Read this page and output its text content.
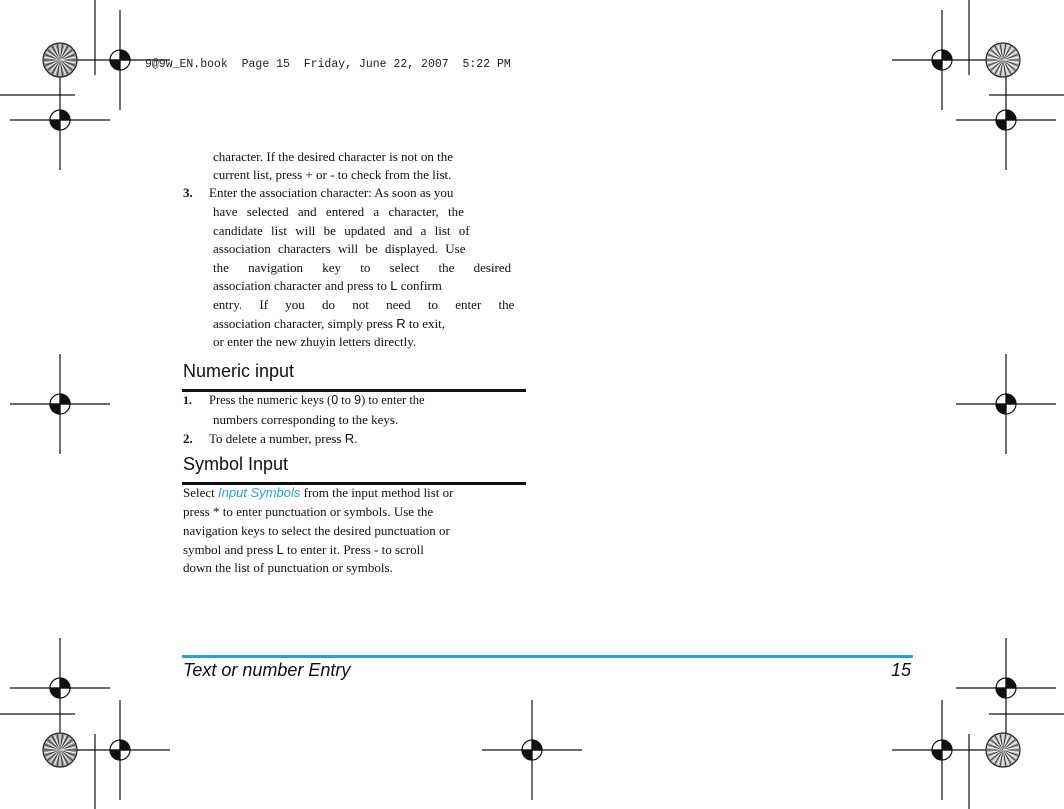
9@9w_EN.book  Page 15  Friday, June 22, 2007  5:22 PM
character. If the desired character is not on the
current list, press + or - to check from the list.
3. Enter the association character: As soon as you
have selected and entered a character, the
candidate list will be updated and a list of
association characters will be displayed. Use
the navigation key to select the desired
association character and press to L confirm
entry. If you do not need to enter the
association character, simply press R to exit,
or enter the new zhuyin letters directly.
Numeric input
1. Press the numeric keys (0 to 9) to enter the
numbers corresponding to the keys.
2. To delete a number, press R.
Symbol Input
Select Input Symbols from the input method list or
press * to enter punctuation or symbols. Use the
navigation keys to select the desired punctuation or
symbol and press L to enter it. Press - to scroll
down the list of punctuation or symbols.
Text or number Entry	15
